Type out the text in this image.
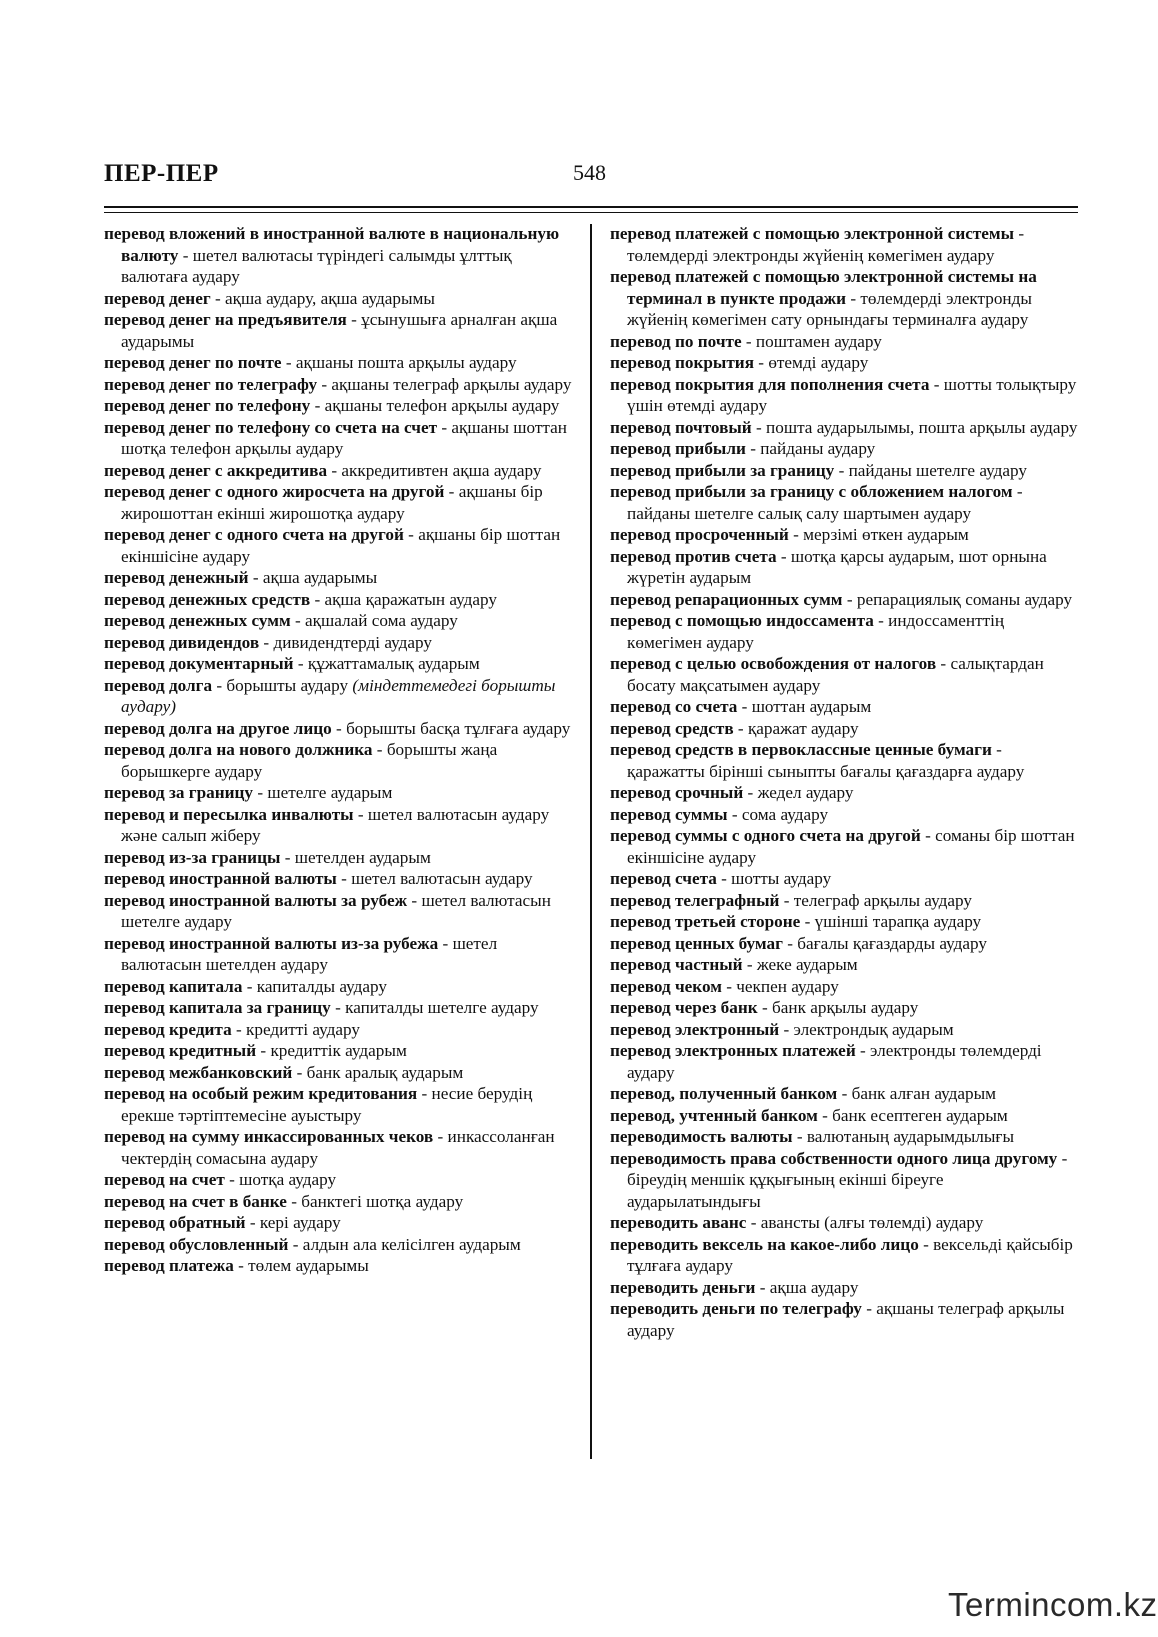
ПЕР-ПЕР	548
перевод вложений в иностранной валюте в национальную валюту - шетел валютасы түріндегі салымды ұлттық валютаға аудару
перевод денег - ақша аудару, ақша аударымы
перевод денег на предъявителя - ұсынушыға арналған ақша аударымы
перевод денег по почте - ақшаны пошта арқылы аудару
перевод денег по телеграфу - ақшаны телеграф арқылы аудару
перевод денег по телефону - ақшаны телефон арқылы аудару
перевод денег по телефону со счета на счет - ақшаны шоттан шотқа телефон арқылы аудару
перевод денег с аккредитива - аккредитивтен ақша аудару
перевод денег с одного жиросчета на другой - ақшаны бір жирошоттан екінші жирошотқа аудару
перевод денег с одного счета на другой - ақшаны бір шоттан екіншісіне аудару
перевод денежный - ақша аударымы
перевод денежных средств - ақша қаражатын аудару
перевод денежных сумм - ақшалай сома аудару
перевод дивидендов - дивидендтерді аудару
перевод документарный - құжаттамалық аударым
перевод долга - борышты аудару (міндеттемедегі борышты аудару)
перевод долга на другое лицо - борышты басқа тұлғаға аудару
перевод долга на нового должника - борышты жаңа борышкерге аудару
перевод за границу - шетелге аударым
перевод и пересылка инвалюты - шетел валютасын аудару және салып жіберу
перевод из-за границы - шетелден аударым
перевод иностранной валюты - шетел валютасын аудару
перевод иностранной валюты за рубеж - шетел валютасын шетелге аудару
перевод иностранной валюты из-за рубежа - шетел валютасын шетелден аудару
перевод капитала - капиталды аудару
перевод капитала за границу - капиталды шетелге аудару
перевод кредита - кредитті аудару
перевод кредитный - кредиттік аударым
перевод межбанковский - банк аралық аударым
перевод на особый режим кредитования - несие берудің ерекше тәртіптемесіне ауыстыру
перевод на сумму инкассированных чеков - инкассоланған чектердің сомасына аудару
перевод на счет - шотқа аудару
перевод на счет в банке - банктегі шотқа аудару
перевод обратный - кері аудару
перевод обусловленный - алдын ала келісілген аударым
перевод платежа - төлем аударымы
перевод платежей с помощью электронной системы - төлемдерді электронды жүйенің көмегімен аудару
перевод платежей с помощью электронной системы на терминал в пункте продажи - төлемдерді электронды жүйенің көмегімен сату орнындағы терминалға аудару
перевод по почте - поштамен аудару
перевод покрытия - өтемді аудару
перевод покрытия для пополнения счета - шотты толықтыру үшін өтемді аудару
перевод почтовый - пошта аударылымы, пошта арқылы аудару
перевод прибыли - пайданы аудару
перевод прибыли за границу - пайданы шетелге аудару
перевод прибыли за границу с обложением налогом - пайданы шетелге салық салу шартымен аудару
перевод просроченный - мерзімі өткен аударым
перевод против счета - шотқа қарсы аударым, шот орнына жүретін аударым
перевод репарационных сумм - репарациялық соманы аудару
перевод с помощью индоссамента - индоссаменттің көмегімен аудару
перевод с целью освобождения от налогов - салықтардан босату мақсатымен аудару
перевод со счета - шоттан аударым
перевод средств - қаражат аудару
перевод средств в первоклассные ценные бумаги - қаражатты бірінші сыныпты бағалы қағаздарға аудару
перевод срочный - жедел аудару
перевод суммы - сома аудару
перевод суммы с одного счета на другой - соманы бір шоттан екіншісіне аудару
перевод счета - шотты аудару
перевод телеграфный - телеграф арқылы аудару
перевод третьей стороне - үшінші тарапқа аудару
перевод ценных бумаг - бағалы қағаздарды аудару
перевод частный - жеке аударым
перевод чеком - чекпен аудару
перевод через банк - банк арқылы аудару
перевод электронный - электрондық аударым
перевод электронных платежей - электронды төлемдерді аудару
перевод, полученный банком - банк алған аударым
перевод, учтенный банком - банк есептеген аударым
переводимость валюты - валютаның аударымдылығы
переводимость права собственности одного лица другому - біреудің меншік құқығының екінші біреуге аударылатындығы
переводить аванс - авансты (алғы төлемді) аудару
переводить вексель на какое-либо лицо - вексельді қайсыбір тұлғаға аудару
переводить деньги - ақша аудару
переводить деньги по телеграфу - ақшаны телеграф арқылы аудару
Termincom.kz
